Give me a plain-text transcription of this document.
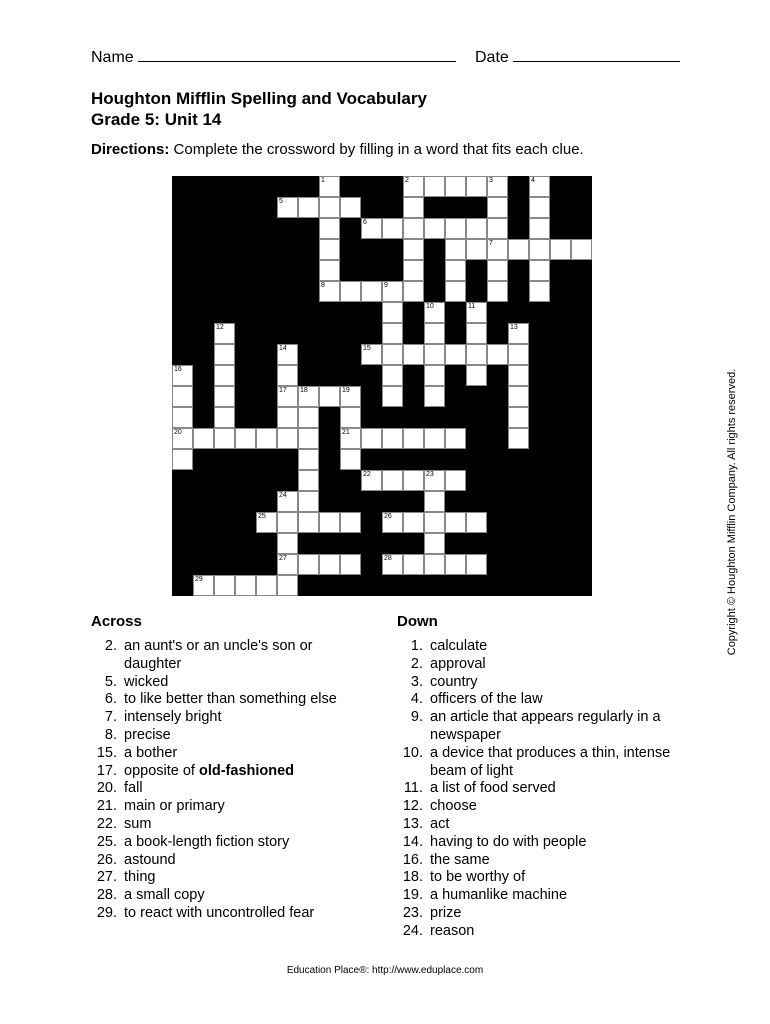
Name	Date
Houghton Mifflin Spelling and Vocabulary
Grade 5: Unit 14
Directions: Complete the crossword by filling in a word that fits each clue.
1	2	3	4
5
6
7
8	9
10	11
12	13
14	15
16
17 18	19
20	21
22	23
24
25	26
27	28
29
Across	Down
2. an aunt's or an uncle's son or daughter
5. wicked
6. to like better than something else
7. intensely bright
8. precise
15. a bother
17. opposite of old-fashioned
20. fall
21. main or primary
22. sum
25. a book-length fiction story
26. astound
27. thing
28. a small copy
29. to react with uncontrolled fear
1. calculate
2. approval
3. country
4. officers of the law
9. an article that appears regularly in a newspaper
10. a device that produces a thin, intense beam of light
11. a list of food served
12. choose
13. act
14. having to do with people
16. the same
18. to be worthy of
19. a humanlike machine
23. prize
24. reason
Copyright © Houghton Mifflin Company. All rights reserved.
Education Place®: http://www.eduplace.com
